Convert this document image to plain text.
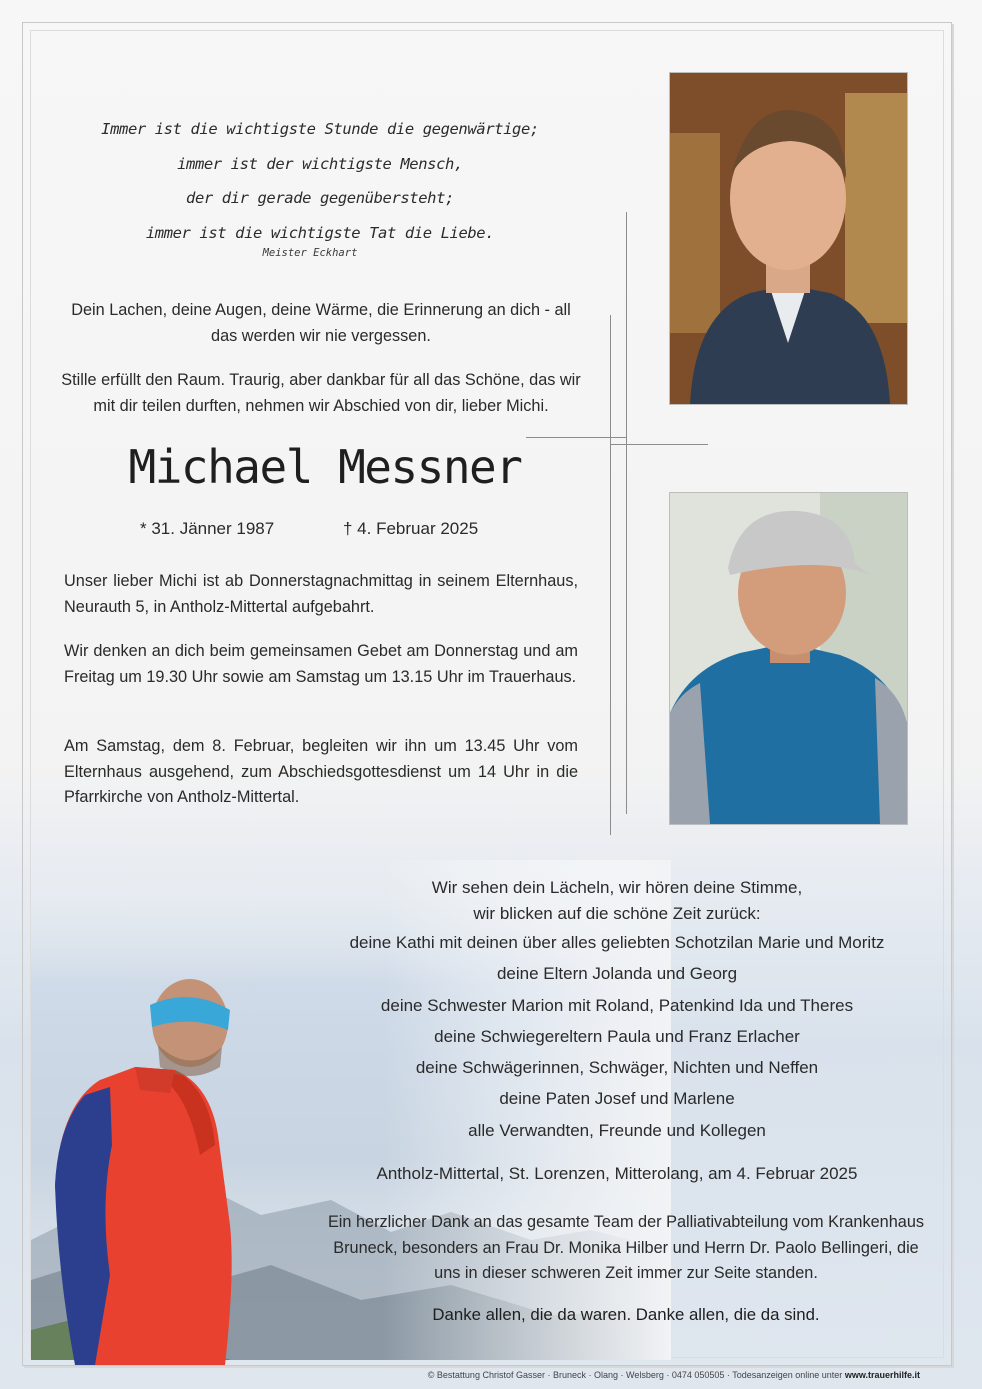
Immer ist die wichtigste Stunde die gegenwärtige;
immer ist der wichtigste Mensch,
der dir gerade gegenübersteht;
immer ist die wichtigste Tat die Liebe.
Meister Eckhart
Dein Lachen, deine Augen, deine Wärme, die Erinnerung an dich - all das werden wir nie vergessen.
Stille erfüllt den Raum. Traurig, aber dankbar für all das Schöne, das wir mit dir teilen durften, nehmen wir Abschied von dir, lieber Michi.
Michael Messner
* 31. Jänner 1987	† 4. Februar 2025
Unser lieber Michi ist ab Donnerstagnachmittag in seinem Elternhaus, Neurauth 5, in Antholz-Mittertal aufgebahrt.
Wir denken an dich beim gemeinsamen Gebet am Donnerstag und am Freitag um 19.30 Uhr sowie am Samstag um 13.15 Uhr im Trauerhaus.
Am Samstag, dem 8. Februar, begleiten wir ihn um 13.45 Uhr vom Elternhaus ausgehend, zum Abschiedsgottesdienst um 14 Uhr in die Pfarrkirche von Antholz-Mittertal.
Wir sehen dein Lächeln, wir hören deine Stimme,
wir blicken auf die schöne Zeit zurück:
deine Kathi mit deinen über alles geliebten Schotzilan Marie und Moritz
deine Eltern Jolanda und Georg
deine Schwester Marion mit Roland, Patenkind Ida und Theres
deine Schwiegereltern Paula und Franz Erlacher
deine Schwägerinnen, Schwäger, Nichten und Neffen
deine Paten Josef und Marlene
alle Verwandten, Freunde und Kollegen
Antholz-Mittertal, St. Lorenzen, Mitterolang, am 4. Februar 2025
Ein herzlicher Dank an das gesamte Team der Palliativabteilung vom Krankenhaus Bruneck, besonders an Frau Dr. Monika Hilber und Herrn Dr. Paolo Bellingeri, die uns in dieser schweren Zeit immer zur Seite standen.
Danke allen, die da waren. Danke allen, die da sind.
© Bestattung Christof Gasser · Bruneck · Olang · Welsberg · 0474 050505 · Todesanzeigen online unter www.trauerhilfe.it
